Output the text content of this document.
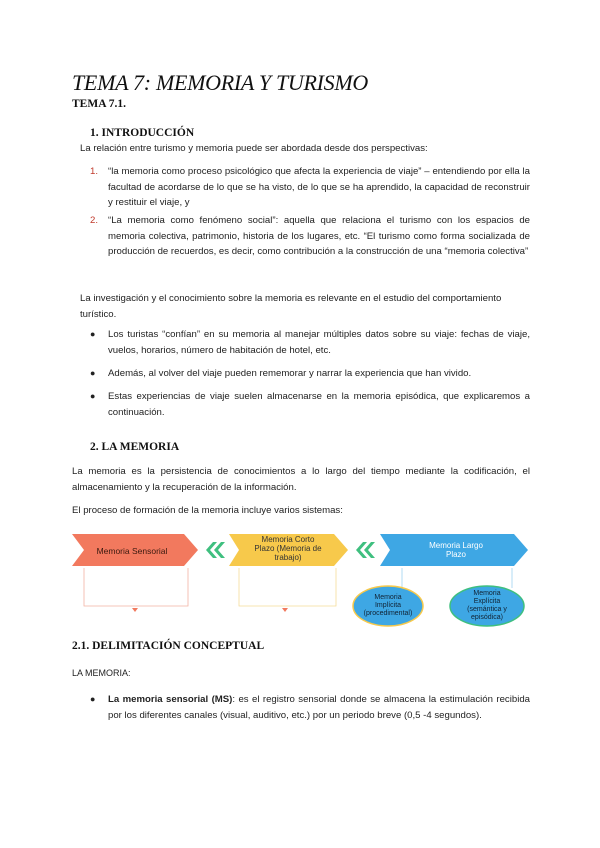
TEMA 7: MEMORIA Y TURISMO
TEMA 7.1.
1. INTRODUCCIÓN
La relación entre turismo y memoria puede ser abordada desde dos perspectivas:
1. “la memoria como proceso psicológico que afecta la experiencia de viaje” – entendiendo por ella la facultad de acordarse de lo que se ha visto, de lo que se ha aprendido, la capacidad de reconstruir y restituir el viaje, y
2. “La memoria como fenómeno social”: aquella que relaciona el turismo con los espacios de memoria colectiva, patrimonio, historia de los lugares, etc. “El turismo como forma socializada de producción de recuerdos, es decir, como contribución a la construcción de una “memoria colectiva”
La investigación y el conocimiento sobre la memoria es relevante en el estudio del comportamiento turístico.
● Los turistas “confían” en su memoria al manejar múltiples datos sobre su viaje: fechas de viaje, vuelos, horarios, número de habitación de hotel, etc.
● Además, al volver del viaje pueden rememorar y narrar la experiencia que han vivido.
● Estas experiencias de viaje suelen almacenarse en la memoria episódica, que explicaremos a continuación.
2. LA MEMORIA
La memoria es la persistencia de conocimientos a lo largo del tiempo mediante la codificación, el almacenamiento y la recuperación de la información.
El proceso de formación de la memoria incluye varios sistemas:
Memoria Sensorial
Memoria Corto
Plazo (Memoria de
trabajo)
Memoria Largo
Plazo
Memoria
Implícita
(procedimental)
Memoria
Explícita
(semántica y
episódica)
2.1. DELIMITACIÓN CONCEPTUAL
LA MEMORIA:
● La memoria sensorial (MS): es el registro sensorial donde se almacena la estimulación recibida por los diferentes canales (visual, auditivo, etc.) por un periodo breve (0,5 -4 segundos).
